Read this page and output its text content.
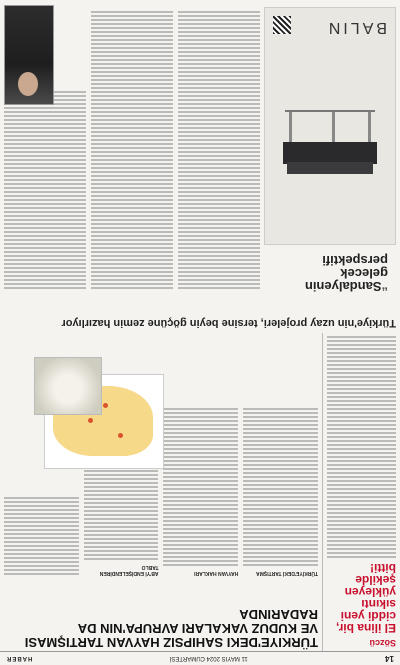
14
11 MAYIS 2024 CUMARTESİ
HABER
Sözcü
El ilina bir, ciddi yeni sıkıntı yükleyen şekilde bitti!
TÜRKIYE'DEKI SAHIPSIZ HAYVAN TARTIŞMASI VE KUDUZ VAKALARI AVRUPA'NIN DA RADARINDA
TÜRKİYE'DEKİ TARTIŞMA
HAYVAN HAKLARI
AB'Yİ ENDİŞELENDİREN TABLO
Türkiye'nin uzay projeleri, tersine beyin göçüne zemin hazırlıyor
“Sandalyenin gelecek perspektifi
BALIN
